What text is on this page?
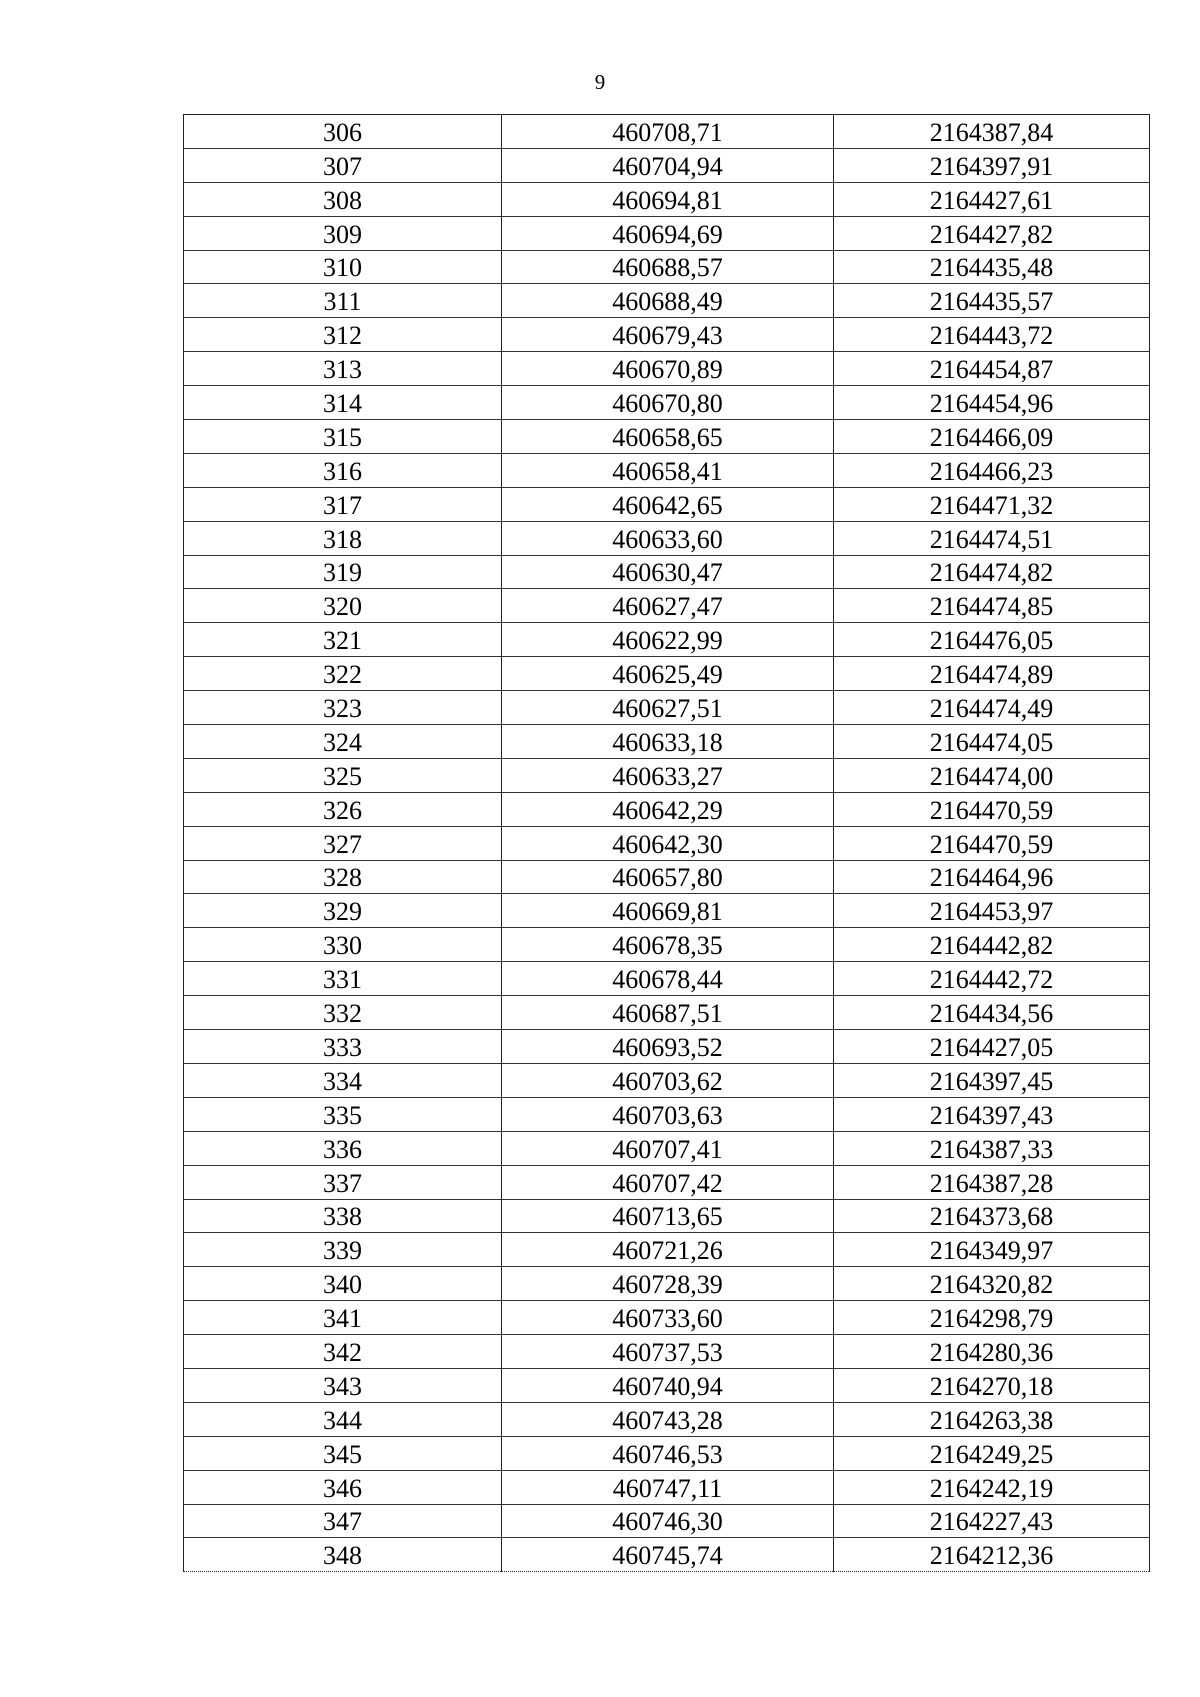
9
306	460708,71	2164387,84
307	460704,94	2164397,91
308	460694,81	2164427,61
309	460694,69	2164427,82
310	460688,57	2164435,48
311	460688,49	2164435,57
312	460679,43	2164443,72
313	460670,89	2164454,87
314	460670,80	2164454,96
315	460658,65	2164466,09
316	460658,41	2164466,23
317	460642,65	2164471,32
318	460633,60	2164474,51
319	460630,47	2164474,82
320	460627,47	2164474,85
321	460622,99	2164476,05
322	460625,49	2164474,89
323	460627,51	2164474,49
324	460633,18	2164474,05
325	460633,27	2164474,00
326	460642,29	2164470,59
327	460642,30	2164470,59
328	460657,80	2164464,96
329	460669,81	2164453,97
330	460678,35	2164442,82
331	460678,44	2164442,72
332	460687,51	2164434,56
333	460693,52	2164427,05
334	460703,62	2164397,45
335	460703,63	2164397,43
336	460707,41	2164387,33
337	460707,42	2164387,28
338	460713,65	2164373,68
339	460721,26	2164349,97
340	460728,39	2164320,82
341	460733,60	2164298,79
342	460737,53	2164280,36
343	460740,94	2164270,18
344	460743,28	2164263,38
345	460746,53	2164249,25
346	460747,11	2164242,19
347	460746,30	2164227,43
348	460745,74	2164212,36
